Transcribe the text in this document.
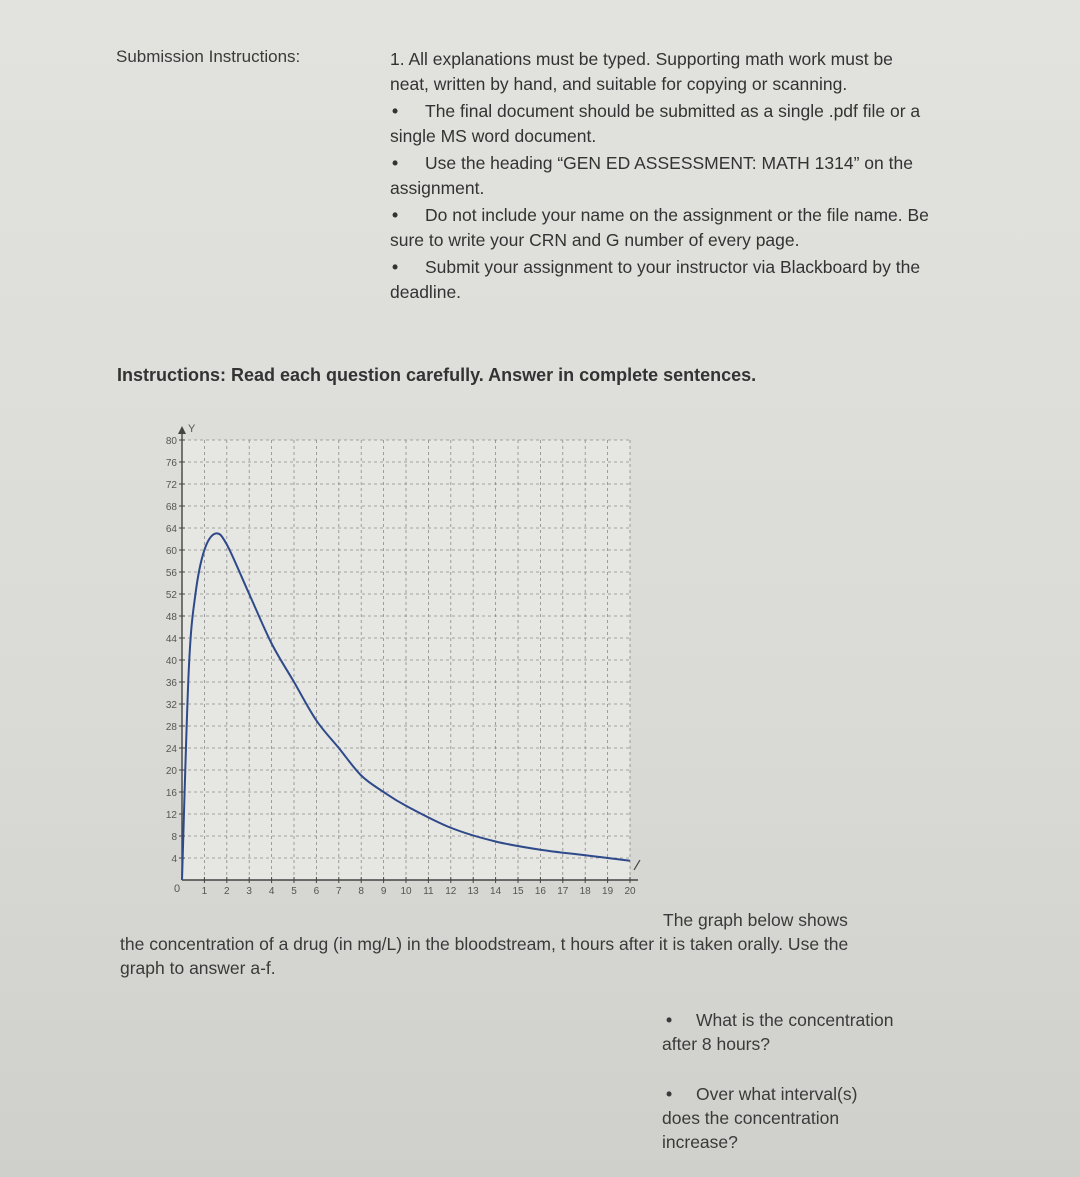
Submission Instructions:	1. All explanations must be typed. Supporting math work must be neat, written by hand, and suitable for copying or scanning.

• The final document should be submitted as a single .pdf file or a single MS word document.

• Use the heading “GEN ED ASSESSMENT: MATH 1314” on the assignment.

• Do not include your name on the assignment or the file name. Be sure to write your CRN and G number of every page.

• Submit your assignment to your instructor via Blackboard by the deadline.

Instructions: Read each question carefully. Answer in complete sentences.
4
8
12
16
20
24
28
32
36
40
44
48
52
56
60
64
68
72
76
80
1 2 3 4 5 6 7 8 9 10 11 12 13 14 15 16 17 18 19 20
Y
0
The graph below shows
the concentration of a drug (in mg/L) in the bloodstream, t hours after it is taken orally. Use the graph to answer a-f.
• What is the concentration after 8 hours?
• Over what interval(s) does the concentration increase?
